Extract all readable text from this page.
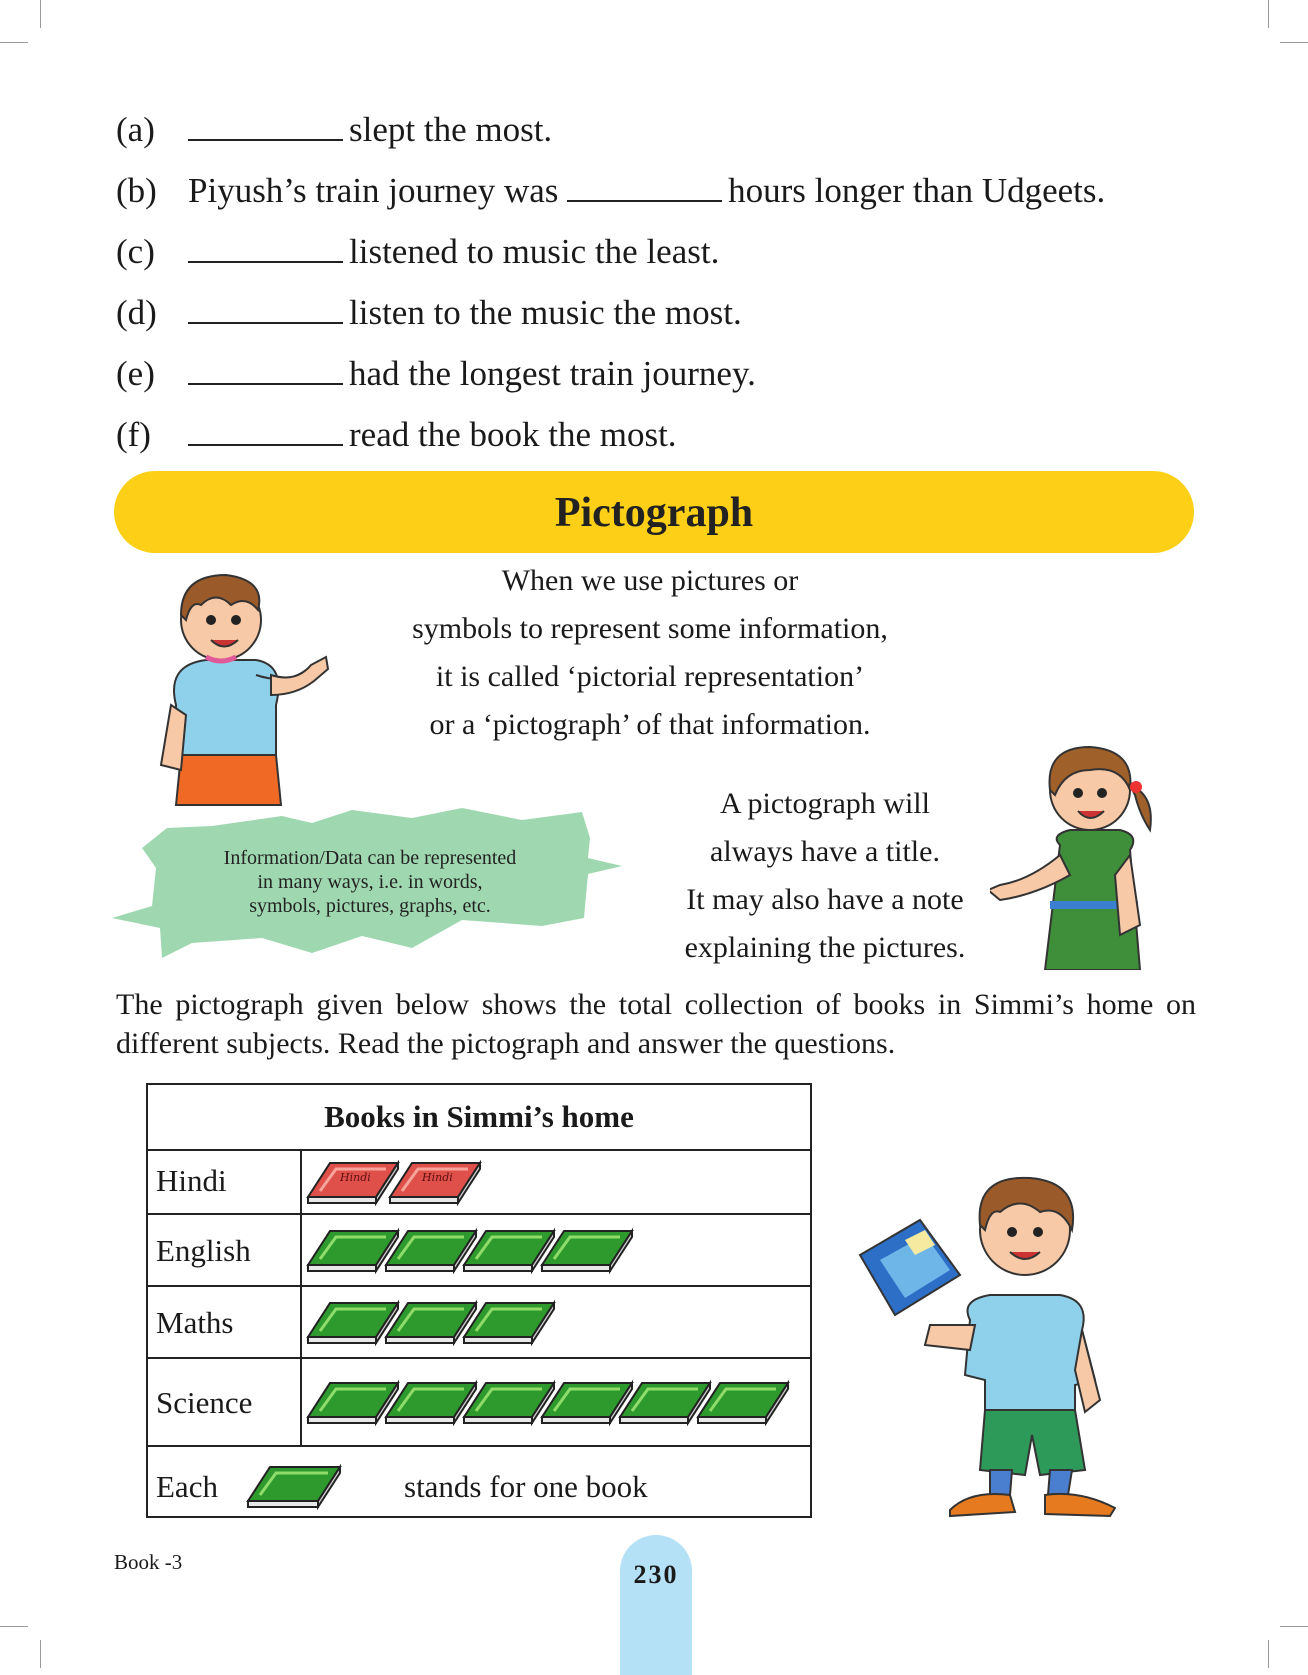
(a)	slept the most.
(b) Piyush’s train journey was	hours longer than Udgeets.
(c)	listened to music the least.
(d)	listen to the music the most.
(e)	had the longest train journey.
(f)	read the book the most.
Pictograph
When we use pictures or
symbols to represent some information,
it is called ‘pictorial representation’
or a ‘pictograph’ of that information.
Information/Data can be represented
in many ways, i.e. in words,
symbols, pictures, graphs, etc.
A pictograph will
always have a title.
It may also have a note
explaining the pictures.
The pictograph given below shows the total collection of books in Simmi’s home on different subjects. Read the pictograph and answer the questions.
Books in Simmi’s home
Hindi	Hindi	Hindi
English
Maths
Science
Each	stands for one book
Book -3	230
